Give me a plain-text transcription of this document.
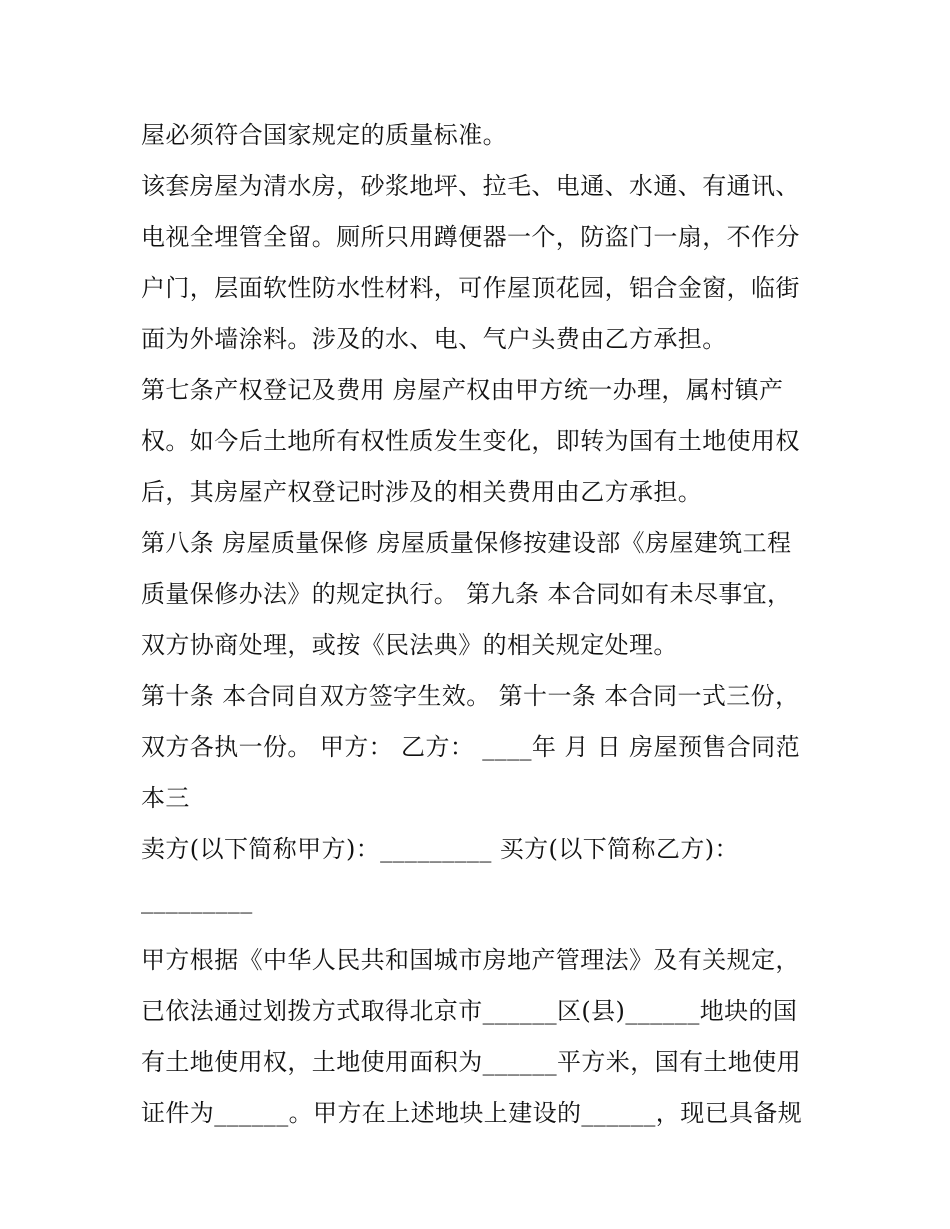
屋必须符合国家规定的质量标准。
该套房屋为清水房，砂浆地坪、拉毛、电通、水通、有通讯、
电视全埋管全留。厕所只用蹲便器一个，防盗门一扇，不作分
户门，层面软性防水性材料，可作屋顶花园，铝合金窗，临街
面为外墙涂料。涉及的水、电、气户头费由乙方承担。
第七条产权登记及费用 房屋产权由甲方统一办理，属村镇产
权。如今后土地所有权性质发生变化，即转为国有土地使用权
后，其房屋产权登记时涉及的相关费用由乙方承担。
第八条 房屋质量保修 房屋质量保修按建设部《房屋建筑工程
质量保修办法》的规定执行。 第九条 本合同如有未尽事宜，
双方协商处理，或按《民法典》的相关规定处理。
第十条 本合同自双方签字生效。 第十一条 本合同一式三份，
双方各执一份。 甲方： 乙方： ____年 月 日 房屋预售合同范
本三
卖方(以下简称甲方)：_________ 买方(以下简称乙方)：
_________
甲方根据《中华人民共和国城市房地产管理法》及有关规定，
已依法通过划拨方式取得北京市______区(县)______地块的国
有土地使用权，土地使用面积为______平方米，国有土地使用
证件为______。甲方在上述地块上建设的______，现已具备规
